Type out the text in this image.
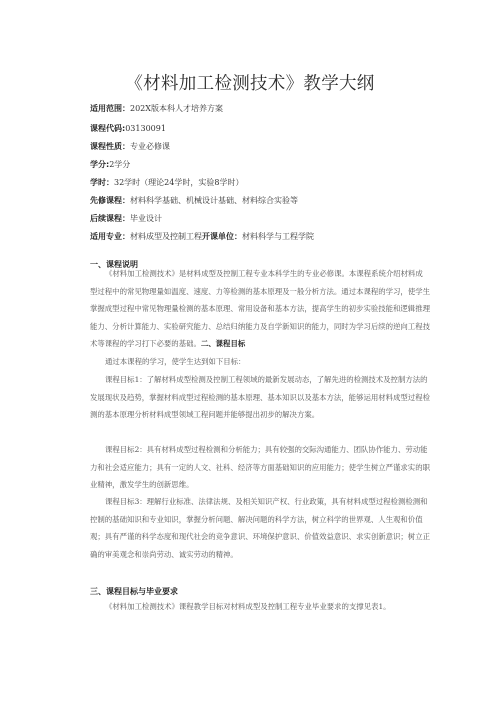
《材料加工检测技术》教学大纲
适用范围：202X版本科人才培养方案
课程代码:03130091
课程性质：专业必修课
学分:2学分
学时：32学时（理论24学时，实验8学时）
先修课程：材料科学基础、机械设计基础、材料综合实验等
后续课程：毕业设计
适用专业：材料成型及控制工程开课单位：材料科学与工程学院
一、课程说明
《材料加工检测技术》是材料成型及控制工程专业本科学生的专业必修课。本课程系统介绍材料成型过程中的常见物理量如温度、速度、力等检测的基本原理及一般分析方法。通过本课程的学习，使学生掌握成型过程中常见物理量检测的基本原理、常用设备和基本方法，提高学生的初步实验技能和逻辑推理能力、分析计算能力、实验研究能力、总结归纳能力及自学新知识的能力，同时为学习后续的逆向工程技术等课程的学习打下必要的基础。二、课程目标
通过本课程的学习，使学生达到如下目标：
课程目标1：了解材料成型检测及控制工程领域的最新发展动态，了解先进的检测技术及控制方法的发展现状及趋势，掌握材料成型过程检测的基本原理、基本知识以及基本方法，能够运用材料成型过程检测的基本原理分析材料成型领域工程问题并能够提出初步的解决方案。
课程目标2：具有材料成型过程检测和分析能力；具有较强的交际沟通能力、团队协作能力、劳动能力和社会适应能力；具有一定的人文、社科、经济等方面基础知识的应用能力；使学生树立严谨求实的职业精神，激发学生的创新思维。
课程目标3：理解行业标准、法律法规、及相关知识产权、行业政策，具有材料成型过程检测检测和控制的基础知识和专业知识，掌握分析问题、解决问题的科学方法，树立科学的世界观、人生观和价值观；具有严谨的科学态度和现代社会的竞争意识、环境保护意识、价值效益意识、求实创新意识；树立正确的审美观念和崇尚劳动、诚实劳动的精神。
三、课程目标与毕业要求
《材料加工检测技术》课程教学目标对材料成型及控制工程专业毕业要求的支撑见表1。
